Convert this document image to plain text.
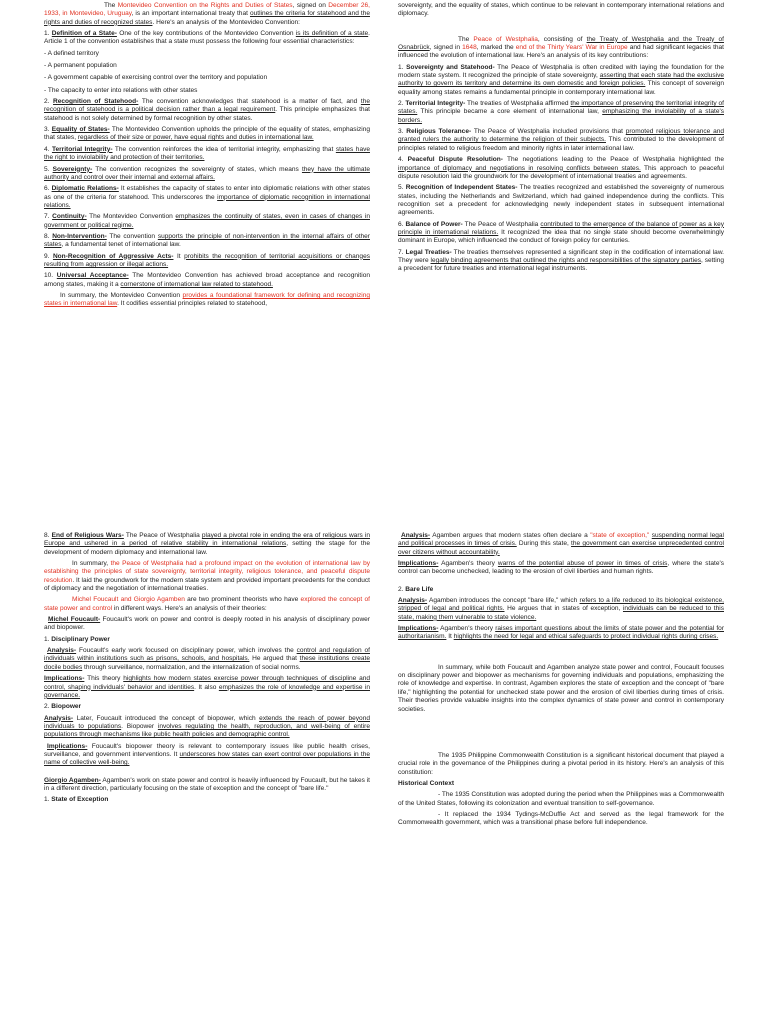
The Montevideo Convention on the Rights and Duties of States, signed on December 26, 1933, in Montevideo, Uruguay, is an important international treaty that outlines the criteria for statehood and the rights and duties of recognized states. Here's an analysis of the Montevideo Convention:

1. Definition of a State- One of the key contributions of the Montevideo Convention is its definition of a state. Article 1 of the convention establishes that a state must possess the following four essential characteristics:

- A defined territory

- A permanent population

- A government capable of exercising control over the territory and population

- The capacity to enter into relations with other states

2. Recognition of Statehood- The convention acknowledges that statehood is a matter of fact, and the recognition of statehood is a political decision rather than a legal requirement. This principle emphasizes that statehood is not solely determined by formal recognition by other states.

3. Equality of States- The Montevideo Convention upholds the principle of the equality of states, emphasizing that states, regardless of their size or power, have equal rights and duties in international law.

4. Territorial Integrity- The convention reinforces the idea of territorial integrity, emphasizing that states have the right to inviolability and protection of their territories.

5. Sovereignty- The convention recognizes the sovereignty of states, which means they have the ultimate authority and control over their internal and external affairs.

6. Diplomatic Relations- It establishes the capacity of states to enter into diplomatic relations with other states as one of the criteria for statehood. This underscores the importance of diplomatic recognition in international relations.

7. Continuity- The Montevideo Convention emphasizes the continuity of states, even in cases of changes in government or political regime.

8. Non-Intervention- The convention supports the principle of non-intervention in the internal affairs of other states, a fundamental tenet of international law.

9. Non-Recognition of Aggressive Acts- It prohibits the recognition of territorial acquisitions or changes resulting from aggression or illegal actions.

10. Universal Acceptance- The Montevideo Convention has achieved broad acceptance and recognition among states, making it a cornerstone of international law related to statehood.

In summary, the Montevideo Convention provides a foundational framework for defining and recognizing states in international law. It codifies essential principles related to statehood,

sovereignty, and the equality of states, which continue to be relevant in contemporary international relations and diplomacy.

The Peace of Westphalia, consisting of the Treaty of Westphalia and the Treaty of Osnabrück, signed in 1648, marked the end of the Thirty Years' War in Europe and had significant legacies that influenced the evolution of international law. Here's an analysis of its key contributions:

1. Sovereignty and Statehood- The Peace of Westphalia is often credited with laying the foundation for the modern state system. It recognized the principle of state sovereignty, asserting that each state had the exclusive authority to govern its territory and determine its own domestic and foreign policies. This concept of sovereign equality among states remains a fundamental principle in contemporary international law.

2. Territorial Integrity- The treaties of Westphalia affirmed the importance of preserving the territorial integrity of states. This principle became a core element of international law, emphasizing the inviolability of a state's borders.

3. Religious Tolerance- The Peace of Westphalia included provisions that promoted religious tolerance and granted rulers the authority to determine the religion of their subjects. This contributed to the development of principles related to religious freedom and minority rights in later international law.

4. Peaceful Dispute Resolution- The negotiations leading to the Peace of Westphalia highlighted the importance of diplomacy and negotiations in resolving conflicts between states. This approach to peaceful dispute resolution laid the groundwork for the development of international treaties and agreements.

5. Recognition of Independent States- The treaties recognized and established the sovereignty of numerous states, including the Netherlands and Switzerland, which had gained independence during the conflicts. This recognition set a precedent for acknowledging newly independent states in subsequent international agreements.

6. Balance of Power- The Peace of Westphalia contributed to the emergence of the balance of power as a key principle in international relations. It recognized the idea that no single state should become overwhelmingly dominant in Europe, which influenced the conduct of foreign policy for centuries.

7. Legal Treaties- The treaties themselves represented a significant step in the codification of international law. They were legally binding agreements that outlined the rights and responsibilities of the signatory parties, setting a precedent for future treaties and international legal instruments.

8. End of Religious Wars- The Peace of Westphalia played a pivotal role in ending the era of religious wars in Europe and ushered in a period of relative stability in international relations, setting the stage for the development of modern diplomacy and international law.

In summary, the Peace of Westphalia had a profound impact on the evolution of international law by establishing the principles of state sovereignty, territorial integrity, religious tolerance, and peaceful dispute resolution. It laid the groundwork for the modern state system and provided important precedents for the conduct of diplomacy and the negotiation of international treaties.

Michel Foucault and Giorgio Agamben are two prominent theorists who have explored the concept of state power and control in different ways. Here's an analysis of their theories:

Michel Foucault- Foucault's work on power and control is deeply rooted in his analysis of disciplinary power and biopower.

1. Disciplinary Power

Analysis- Foucault's early work focused on disciplinary power, which involves the control and regulation of individuals within institutions such as prisons, schools, and hospitals. He argued that these institutions create docile bodies through surveillance, normalization, and the internalization of social norms.

Implications- This theory highlights how modern states exercise power through techniques of discipline and control, shaping individuals' behavior and identities. It also emphasizes the role of knowledge and expertise in governance.

2. Biopower

Analysis- Later, Foucault introduced the concept of biopower, which extends the reach of power beyond individuals to populations. Biopower involves regulating the health, reproduction, and well-being of entire populations through mechanisms like public health policies and demographic control.

Implications- Foucault's biopower theory is relevant to contemporary issues like public health crises, surveillance, and government interventions. It underscores how states can exert control over populations in the name of collective well-being.

Giorgio Agamben- Agamben's work on state power and control is heavily influenced by Foucault, but he takes it in a different direction, particularly focusing on the state of exception and the concept of "bare life."

1. State of Exception

Analysis- Agamben argues that modern states often declare a "state of exception," suspending normal legal and political processes in times of crisis. During this state, the government can exercise unprecedented control over citizens without accountability.

Implications- Agamben's theory warns of the potential abuse of power in times of crisis, where the state's control can become unchecked, leading to the erosion of civil liberties and human rights.

2. Bare Life

Analysis- Agamben introduces the concept "bare life," which refers to a life reduced to its biological existence, stripped of legal and political rights. He argues that in states of exception, individuals can be reduced to this state, making them vulnerable to state violence.

Implications- Agamben's theory raises important questions about the limits of state power and the potential for authoritarianism. It highlights the need for legal and ethical safeguards to protect individual rights during crises.

In summary, while both Foucault and Agamben analyze state power and control, Foucault focuses on disciplinary power and biopower as mechanisms for governing individuals and populations, emphasizing the role of knowledge and expertise. In contrast, Agamben explores the state of exception and the concept of "bare life," highlighting the potential for unchecked state power and the erosion of civil liberties during times of crisis. Their theories provide valuable insights into the complex dynamics of state power and control in contemporary societies.

The 1935 Philippine Commonwealth Constitution is a significant historical document that played a crucial role in the governance of the Philippines during a pivotal period in its history. Here's an analysis of this constitution:

Historical Context

- The 1935 Constitution was adopted during the period when the Philippines was a Commonwealth of the United States, following its colonization and eventual transition to self-governance.

- It replaced the 1934 Tydings-McDuffie Act and served as the legal framework for the Commonwealth government, which was a transitional phase before full independence.
